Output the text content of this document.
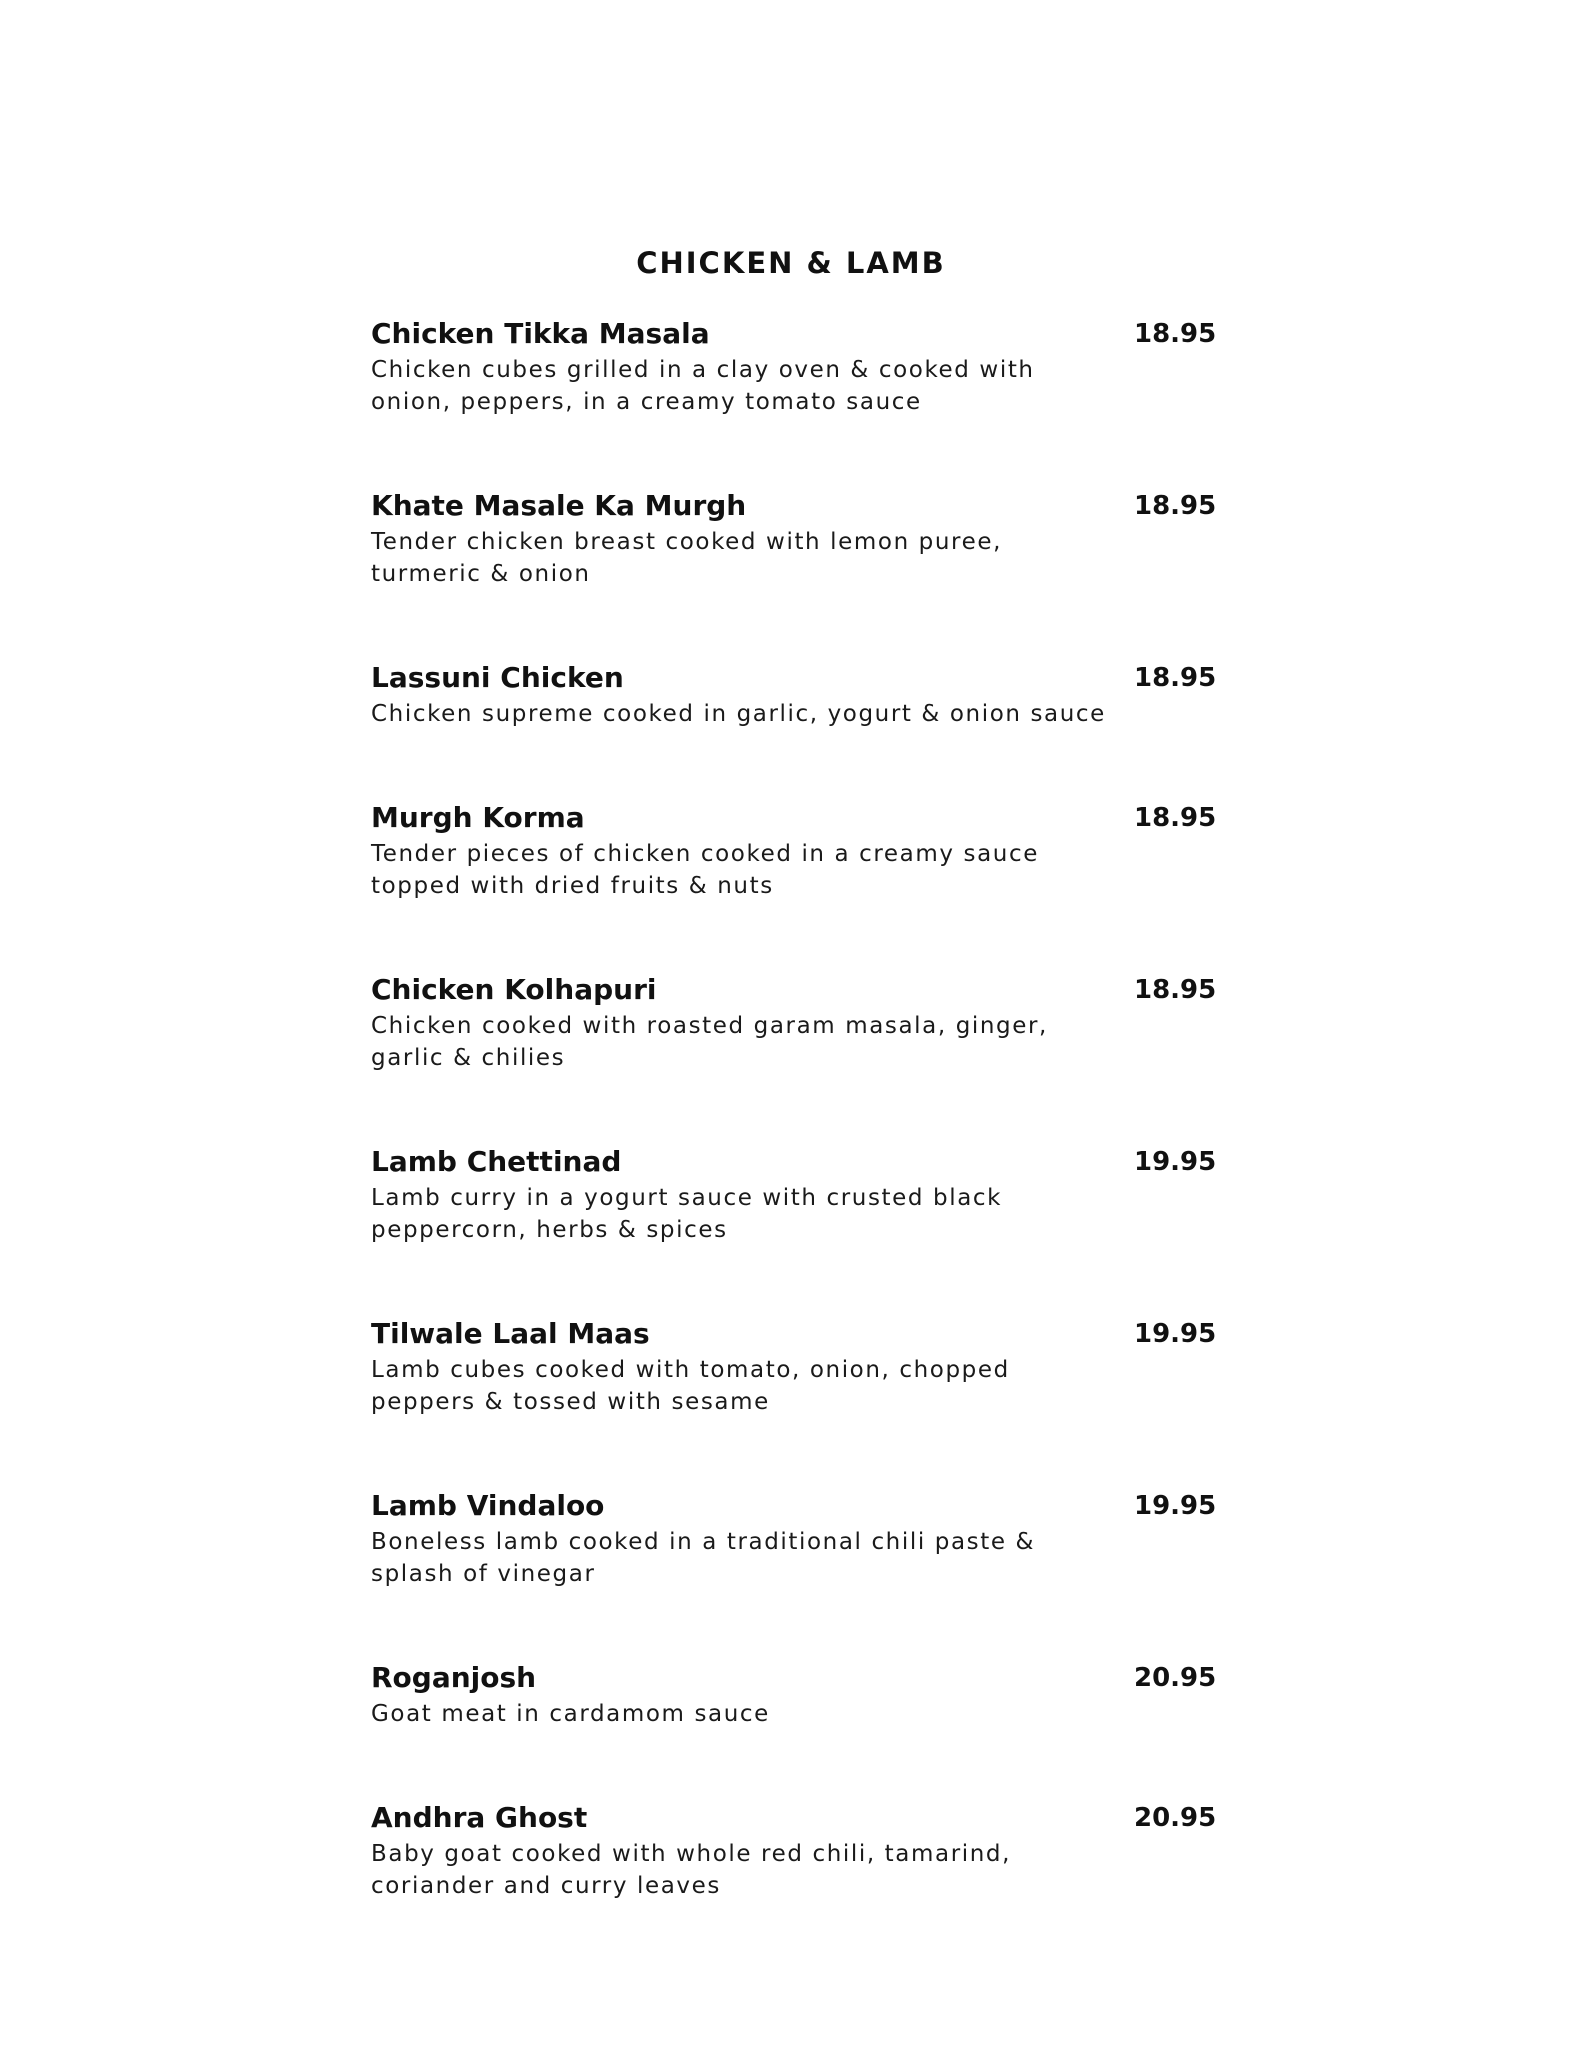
CHICKEN & LAMB
Chicken Tikka Masala	18.95
Chicken cubes grilled in a clay oven & cooked with onion, peppers, in a creamy tomato sauce
Khate Masale Ka Murgh	18.95
Tender chicken breast cooked with lemon puree, turmeric & onion
Lassuni Chicken	18.95
Chicken supreme cooked in garlic, yogurt & onion sauce
Murgh Korma	18.95
Tender pieces of chicken cooked in a creamy sauce topped with dried fruits & nuts
Chicken Kolhapuri	18.95
Chicken cooked with roasted garam masala, ginger, garlic & chilies
Lamb Chettinad	19.95
Lamb curry in a yogurt sauce with crusted black peppercorn, herbs & spices
Tilwale Laal Maas	19.95
Lamb cubes cooked with tomato, onion, chopped peppers & tossed with sesame
Lamb Vindaloo	19.95
Boneless lamb cooked in a traditional chili paste & splash of vinegar
Roganjosh	20.95
Goat meat in cardamom sauce
Andhra Ghost	20.95
Baby goat cooked with whole red chili, tamarind, coriander and curry leaves
